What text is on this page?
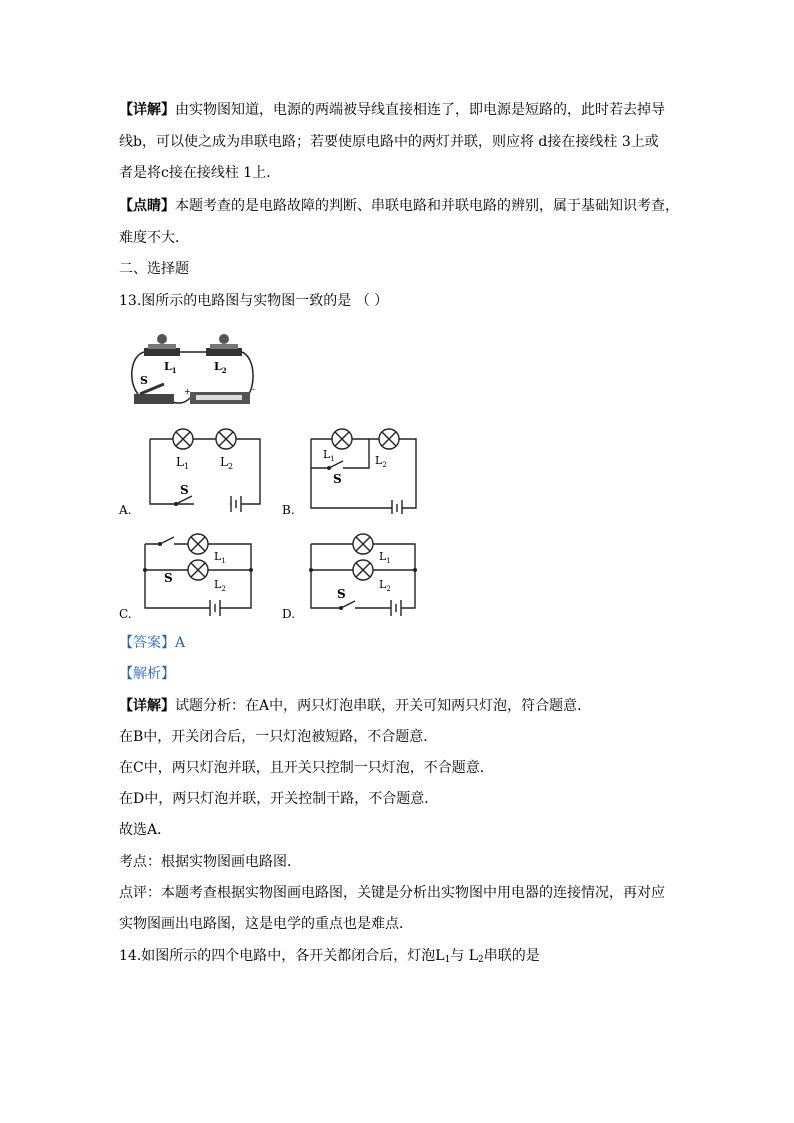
【详解】由实物图知道，电源的两端被导线直接相连了，即电源是短路的，此时若去掉导
线b，可以使之成为串联电路；若要使原电路中的两灯并联，则应将 d接在接线柱 3上或
者是将c接在接线柱 1上．
【点睛】本题考查的是电路故障的判断、串联电路和并联电路的辨别，属于基础知识考查，
难度不大．
二、选择题
13.图所示的电路图与实物图一致的是 （ ）
$L_1$	$L_2$
S
+	-
A.
$L_1$	$L_2$
S
B.
$L_1$	$L_2$
S
C.
$L_1$
$L_2$
S
D.
$L_1$
$L_2$
S
【答案】A
【解析】
【详解】试题分析：在A中，两只灯泡串联，开关可知两只灯泡，符合题意．
在B中，开关闭合后，一只灯泡被短路，不合题意．
在C中，两只灯泡并联，且开关只控制一只灯泡，不合题意．
在D中，两只灯泡并联，开关控制干路，不合题意．
故选A．
考点：根据实物图画电路图．
点评：本题考查根据实物图画电路图，关键是分析出实物图中用电器的连接情况，再对应
实物图画出电路图，这是电学的重点也是难点．
14.如图所示的四个电路中，各开关都闭合后，灯泡$L_1$与 $L_2$串联的是
